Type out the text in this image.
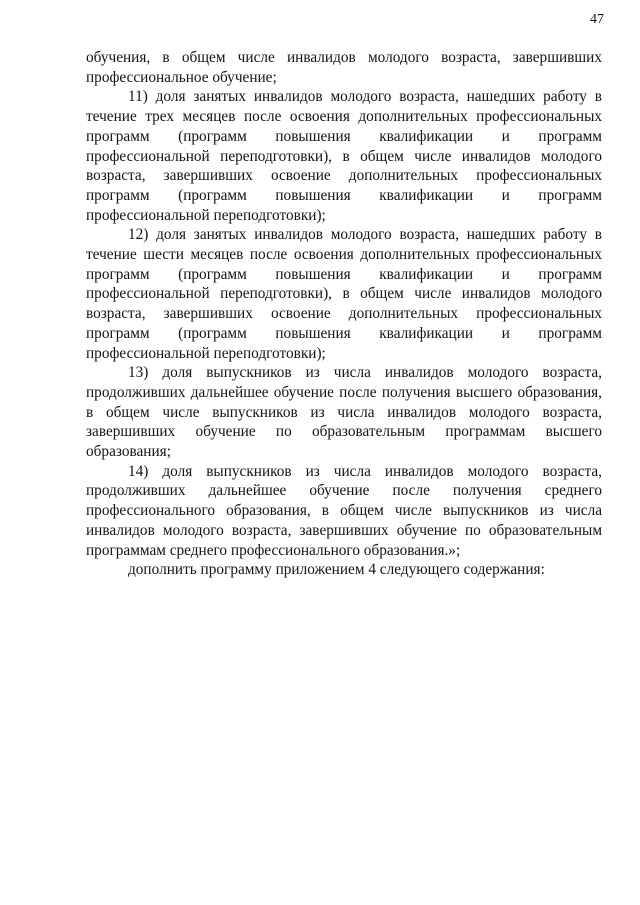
47

обучения, в общем числе инвалидов молодого возраста, завершивших профессиональное обучение;

11) доля занятых инвалидов молодого возраста, нашедших работу в течение трех месяцев после освоения дополнительных профессиональных программ (программ повышения квалификации и программ профессиональной переподготовки), в общем числе инвалидов молодого возраста, завершивших освоение дополнительных профессиональных программ (программ повышения квалификации и программ профессиональной переподготовки);

12) доля занятых инвалидов молодого возраста, нашедших работу в течение шести месяцев после освоения дополнительных профессиональных программ (программ повышения квалификации и программ профессиональной переподготовки), в общем числе инвалидов молодого возраста, завершивших освоение дополнительных профессиональных программ (программ повышения квалификации и программ профессиональной переподготовки);

13) доля выпускников из числа инвалидов молодого возраста, продолживших дальнейшее обучение после получения высшего образования, в общем числе выпускников из числа инвалидов молодого возраста, завершивших обучение по образовательным программам высшего образования;

14) доля выпускников из числа инвалидов молодого возраста, продолживших дальнейшее обучение после получения среднего профессионального образования, в общем числе выпускников из числа инвалидов молодого возраста, завершивших обучение по образовательным программам среднего профессионального образования.»;

дополнить программу приложением 4 следующего содержания:
